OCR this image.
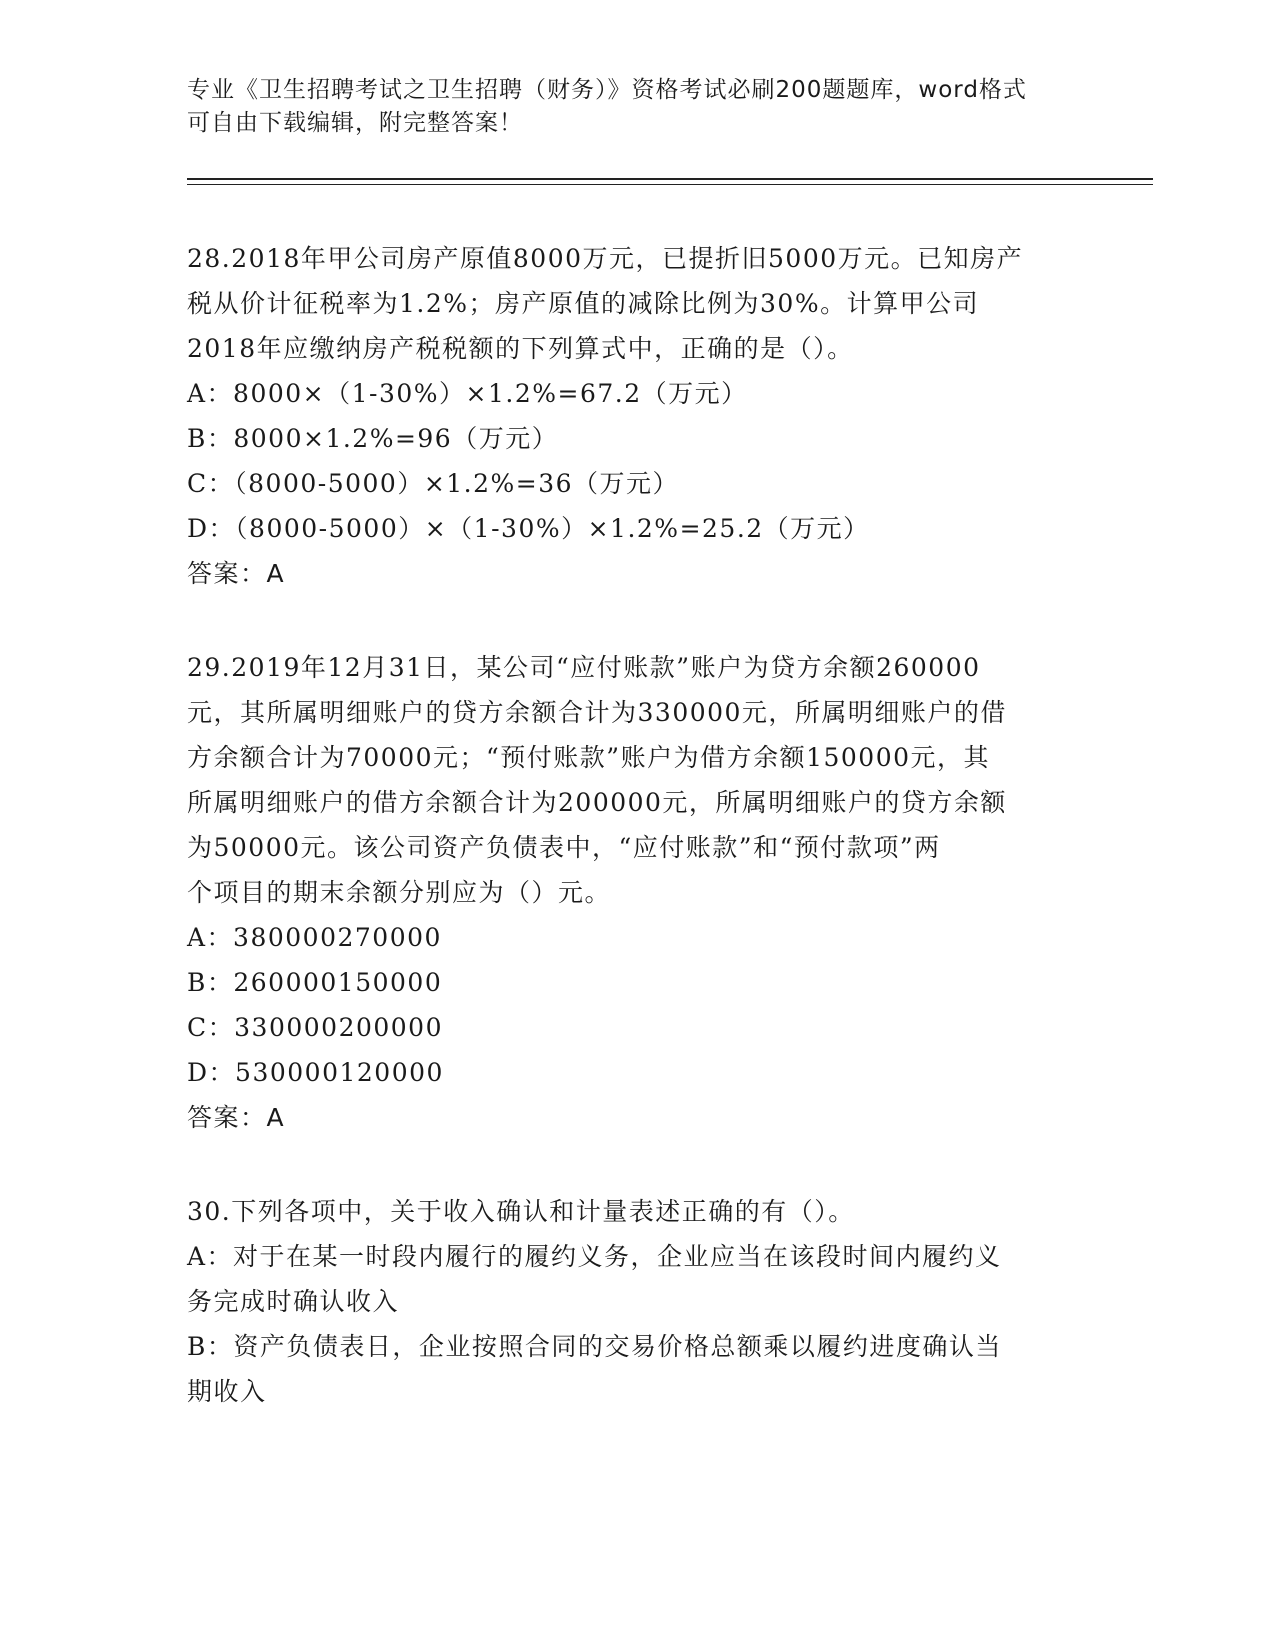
专业《卫生招聘考试之卫生招聘（财务）》资格考试必刷200题题库，word格式

可自由下载编辑，附完整答案！

28.2018年甲公司房产原值8000万元，已提折旧5000万元。已知房产

税从价计征税率为1.2%；房产原值的减除比例为30%。计算甲公司

2018年应缴纳房产税税额的下列算式中，正确的是（）。

A：8000×（1-30%）×1.2%=67.2（万元）

B：8000×1.2%=96（万元）

C：（8000-5000）×1.2%=36（万元）

D：（8000-5000）×（1-30%）×1.2%=25.2（万元）

答案：A

29.2019年12月31日，某公司“应付账款”账户为贷方余额260000

元，其所属明细账户的贷方余额合计为330000元，所属明细账户的借

方余额合计为70000元；“预付账款”账户为借方余额150000元，其

所属明细账户的借方余额合计为200000元，所属明细账户的贷方余额

为50000元。该公司资产负债表中，“应付账款”和“预付款项”两

个项目的期末余额分别应为（）元。

A：380000270000

B：260000150000

C：330000200000

D：530000120000

答案：A

30.下列各项中，关于收入确认和计量表述正确的有（）。

A：对于在某一时段内履行的履约义务，企业应当在该段时间内履约义

务完成时确认收入

B：资产负债表日，企业按照合同的交易价格总额乘以履约进度确认当

期收入
